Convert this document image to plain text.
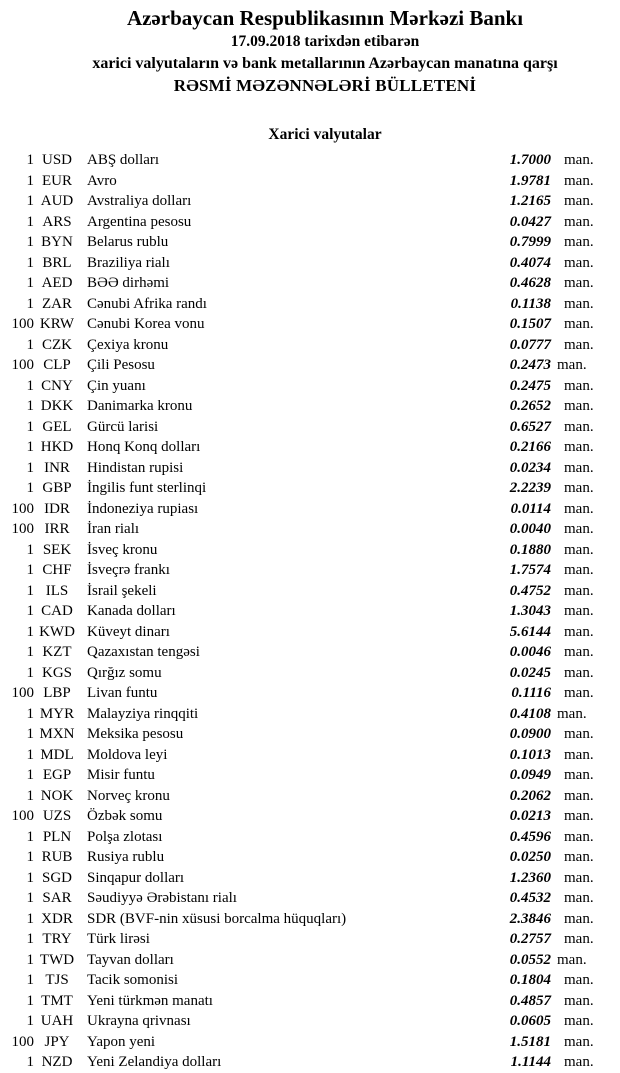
Azərbaycan Respublikasının Mərkəzi Bankı
17.09.2018 tarixdən etibarən
xarici valyutaların və bank metallarının Azərbaycan manatına qarşı
RƏSMİ MƏZƏNNƏLƏRİ BÜLLETENİ
Xarici valyutalar
1 USD	ABŞ dolları	1.7000 man.
1 EUR	Avro	1.9781 man.
1 AUD Avstraliya dolları	1.2165 man.
1 ARS	Argentina pesosu	0.0427 man.
1 BYN Belarus rublu	0.7999 man.
1 BRL	Braziliya rialı	0.4074 man.
1 AED BƏƏ dirhəmi	0.4628 man.
1 ZAR	Cənubi Afrika randı	0.1138 man.
100 KRW Cənubi Korea vonu	0.1507 man.
1 CZK	Çexiya kronu	0.0777 man.
100 CLP	Çili Pesosu	0.2473 man.
1 CNY Çin yuanı	0.2475 man.
1 DKK Danimarka kronu	0.2652 man.
1 GEL	Gürcü larisi	0.6527 man.
1 HKD Honq Konq dolları	0.2166 man.
1 INR	Hindistan rupisi	0.0234 man.
1 GBP	İngilis funt sterlinqi	2.2239 man.
100 IDR	İndoneziya rupiası	0.0114 man.
100 IRR	İran rialı	0.0040 man.
1 SEK	İsveç kronu	0.1880 man.
1 CHF	İsveçrə frankı	1.7574 man.
1 ILS	İsrail şekeli	0.4752 man.
1 CAD Kanada dolları	1.3043 man.
1 KWD Küveyt dinarı	5.6144 man.
1 KZT	Qazaxıstan tengəsi	0.0046 man.
1 KGS	Qırğız somu	0.0245 man.
100 LBP	Livan funtu	0.1116 man.
1 MYR Malayziya rinqqiti	0.4108 man.
1 MXN Meksika pesosu	0.0900 man.
1 MDL Moldova leyi	0.1013 man.
1 EGP	Misir funtu	0.0949 man.
1 NOK Norveç kronu	0.2062 man.
100 UZS	Özbək somu	0.0213 man.
1 PLN	Polşa zlotası	0.4596 man.
1 RUB Rusiya rublu	0.0250 man.
1 SGD	Sinqapur dolları	1.2360 man.
1 SAR	Səudiyyə Ərəbistanı rialı	0.4532 man.
1 XDR SDR (BVF-nin xüsusi borcalma hüquqları)	2.3846 man.
1 TRY	Türk lirəsi	0.2757 man.
1 TWD Tayvan dolları	0.0552 man.
1 TJS	Tacik somonisi	0.1804 man.
1 TMT Yeni türkmən manatı	0.4857 man.
1 UAH Ukrayna qrivnası	0.0605 man.
100 JPY	Yapon yeni	1.5181 man.
1 NZD Yeni Zelandiya dolları	1.1144 man.
